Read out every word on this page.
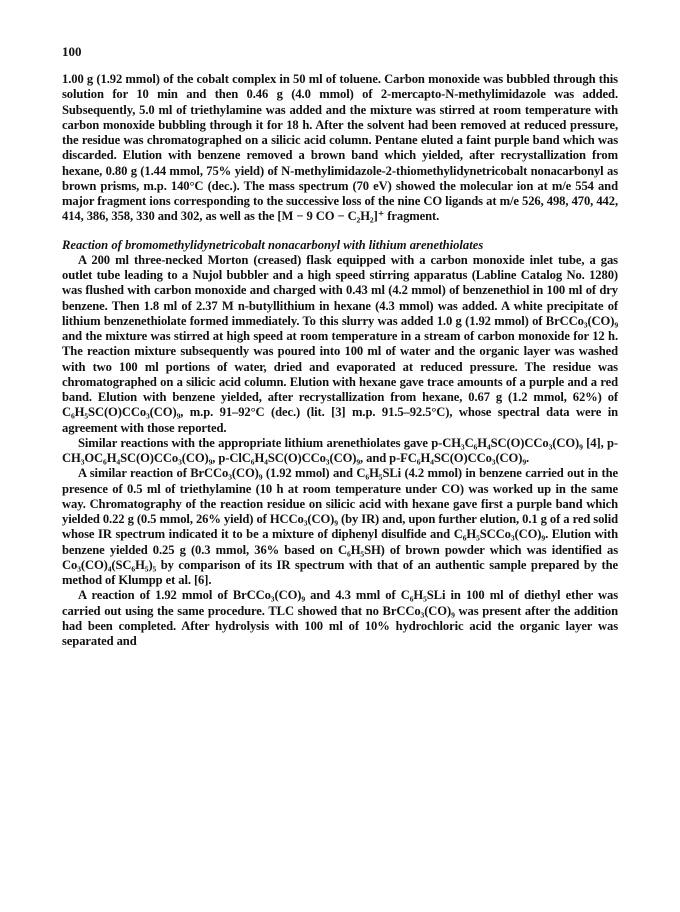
100

1.00 g (1.92 mmol) of the cobalt complex in 50 ml of toluene. Carbon monoxide was bubbled through this solution for 10 min and then 0.46 g (4.0 mmol) of 2-mercapto-N-methylimidazole was added. Subsequently, 5.0 ml of triethylamine was added and the mixture was stirred at room temperature with carbon monoxide bubbling through it for 18 h. After the solvent had been removed at reduced pressure, the residue was chromatographed on a silicic acid column. Pentane eluted a faint purple band which was discarded. Elution with benzene removed a brown band which yielded, after recrystallization from hexane, 0.80 g (1.44 mmol, 75% yield) of N-methylimidazole-2-thiomethylidynetricobalt nonacarbonyl as brown prisms, m.p. 140°C (dec.). The mass spectrum (70 eV) showed the molecular ion at m/e 554 and major fragment ions corresponding to the successive loss of the nine CO ligands at m/e 526, 498, 470, 442, 414, 386, 358, 330 and 302, as well as the [M − 9 CO − C₂H₂]⁺ fragment.

Reaction of bromomethylidynetricobalt nonacarbonyl with lithium arenethiolates

A 200 ml three-necked Morton (creased) flask equipped with a carbon monoxide inlet tube, a gas outlet tube leading to a Nujol bubbler and a high speed stirring apparatus (Labline Catalog No. 1280) was flushed with carbon monoxide and charged with 0.43 ml (4.2 mmol) of benzenethiol in 100 ml of dry benzene. Then 1.8 ml of 2.37 M n-butyllithium in hexane (4.3 mmol) was added. A white precipitate of lithium benzenethiolate formed immediately. To this slurry was added 1.0 g (1.92 mmol) of BrCCo₃(CO)₉ and the mixture was stirred at high speed at room temperature in a stream of carbon monoxide for 12 h. The reaction mixture subsequently was poured into 100 ml of water and the organic layer was washed with two 100 ml portions of water, dried and evaporated at reduced pressure. The residue was chromatographed on a silicic acid column. Elution with hexane gave trace amounts of a purple and a red band. Elution with benzene yielded, after recrystallization from hexane, 0.67 g (1.2 mmol, 62%) of C₆H₅SC(O)CCo₃(CO)₉, m.p. 91–92°C (dec.) (lit. [3] m.p. 91.5–92.5°C), whose spectral data were in agreement with those reported.

Similar reactions with the appropriate lithium arenethiolates gave p-CH₃C₆H₄SC(O)CCo₃(CO)₉ [4], p-CH₃OC₆H₄SC(O)CCo₃(CO)₉, p-ClC₆H₄SC(O)CCo₃(CO)₉, and p-FC₆H₄SC(O)CCo₃(CO)₉.

A similar reaction of BrCCo₃(CO)₉ (1.92 mmol) and C₆H₅SLi (4.2 mmol) in benzene carried out in the presence of 0.5 ml of triethylamine (10 h at room temperature under CO) was worked up in the same way. Chromatography of the reaction residue on silicic acid with hexane gave first a purple band which yielded 0.22 g (0.5 mmol, 26% yield) of HCCo₃(CO)₉ (by IR) and, upon further elution, 0.1 g of a red solid whose IR spectrum indicated it to be a mixture of diphenyl disulfide and C₆H₅SCCo₃(CO)₉. Elution with benzene yielded 0.25 g (0.3 mmol, 36% based on C₆H₅SH) of brown powder which was identified as Co₃(CO)₄(SC₆H₅)₅ by comparison of its IR spectrum with that of an authentic sample prepared by the method of Klumpp et al. [6].

A reaction of 1.92 mmol of BrCCo₃(CO)₉ and 4.3 mml of C₆H₅SLi in 100 ml of diethyl ether was carried out using the same procedure. TLC showed that no BrCCo₃(CO)₉ was present after the addition had been completed. After hydrolysis with 100 ml of 10% hydrochloric acid the organic layer was separated and
